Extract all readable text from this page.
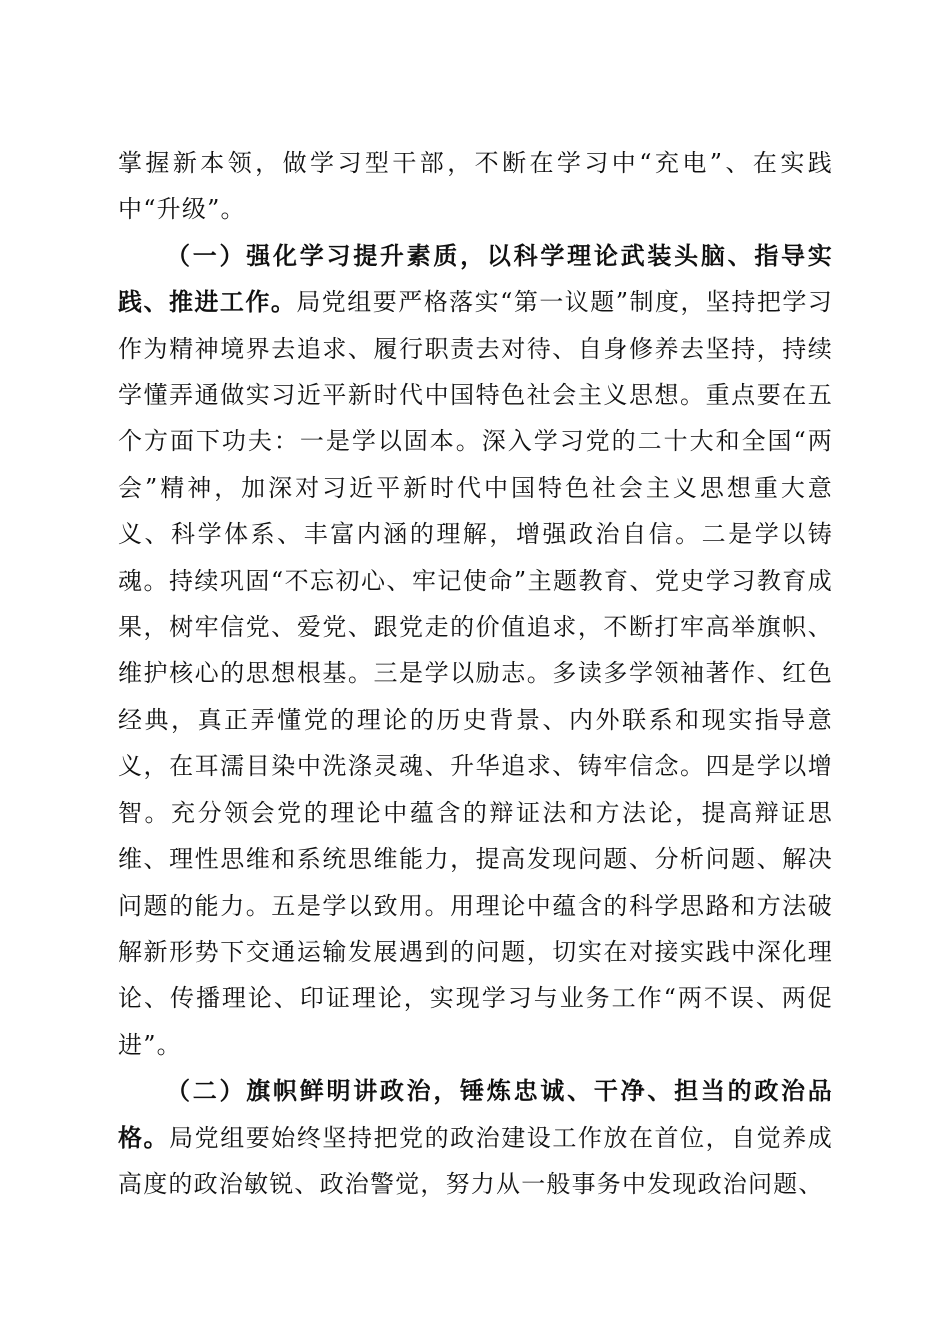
掌握新本领，做学习型干部，不断在学习中“充电”、在实践中“升级”。

（一）强化学习提升素质，以科学理论武装头脑、指导实践、推进工作。局党组要严格落实“第一议题”制度，坚持把学习作为精神境界去追求、履行职责去对待、自身修养去坚持，持续学懂弄通做实习近平新时代中国特色社会主义思想。重点要在五个方面下功夫：一是学以固本。深入学习党的二十大和全国“两会”精神，加深对习近平新时代中国特色社会主义思想重大意义、科学体系、丰富内涵的理解，增强政治自信。二是学以铸魂。持续巩固“不忘初心、牢记使命”主题教育、党史学习教育成果，树牢信党、爱党、跟党走的价值追求，不断打牢高举旗帜、维护核心的思想根基。三是学以励志。多读多学领袖著作、红色经典，真正弄懂党的理论的历史背景、内外联系和现实指导意义，在耳濡目染中洗涤灵魂、升华追求、铸牢信念。四是学以增智。充分领会党的理论中蕴含的辩证法和方法论，提高辩证思维、理性思维和系统思维能力，提高发现问题、分析问题、解决问题的能力。五是学以致用。用理论中蕴含的科学思路和方法破解新形势下交通运输发展遇到的问题，切实在对接实践中深化理论、传播理论、印证理论，实现学习与业务工作“两不误、两促进”。

（二）旗帜鲜明讲政治，锤炼忠诚、干净、担当的政治品格。局党组要始终坚持把党的政治建设工作放在首位，自觉养成高度的政治敏锐、政治警觉，努力从一般事务中发现政治问题、
